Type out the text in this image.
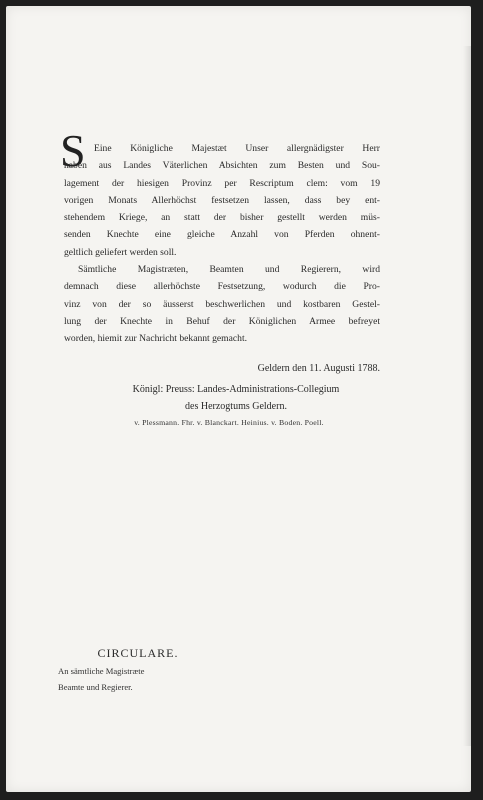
S Eine Königliche Majestæt Unser allergnädigster Herr
haben aus Landes Väterlichen Absichten zum Besten und Sou-
lagement der hiesigen Provinz per Rescriptum clem: vom 19
vorigen Monats Allerhöchst festsetzen lassen, dass bey ent-
stehendem Kriege, an statt der bisher gestellt werden müs-
senden Knechte eine gleiche Anzahl von Pferden ohnent-
geltlich geliefert werden soll.
Sämtliche Magistræten, Beamten und Regierern, wird
demnach diese allerhöchste Festsetzung, wodurch die Pro-
vinz von der so äusserst beschwerlichen und kostbaren Gestel-
lung der Knechte in Behuf der Königlichen Armee befreyet
worden, hiemit zur Nachricht bekannt gemacht.
Geldern den 11. Augusti 1788.
Königl: Preuss: Landes-Administrations-Collegium
des Herzogtums Geldern.
v. Plessmann. Fhr. v. Blanckart. Heinius. v. Boden. Poell.
CIRCULARE.
An sämtliche Magistræte
Beamte und Regierer.
